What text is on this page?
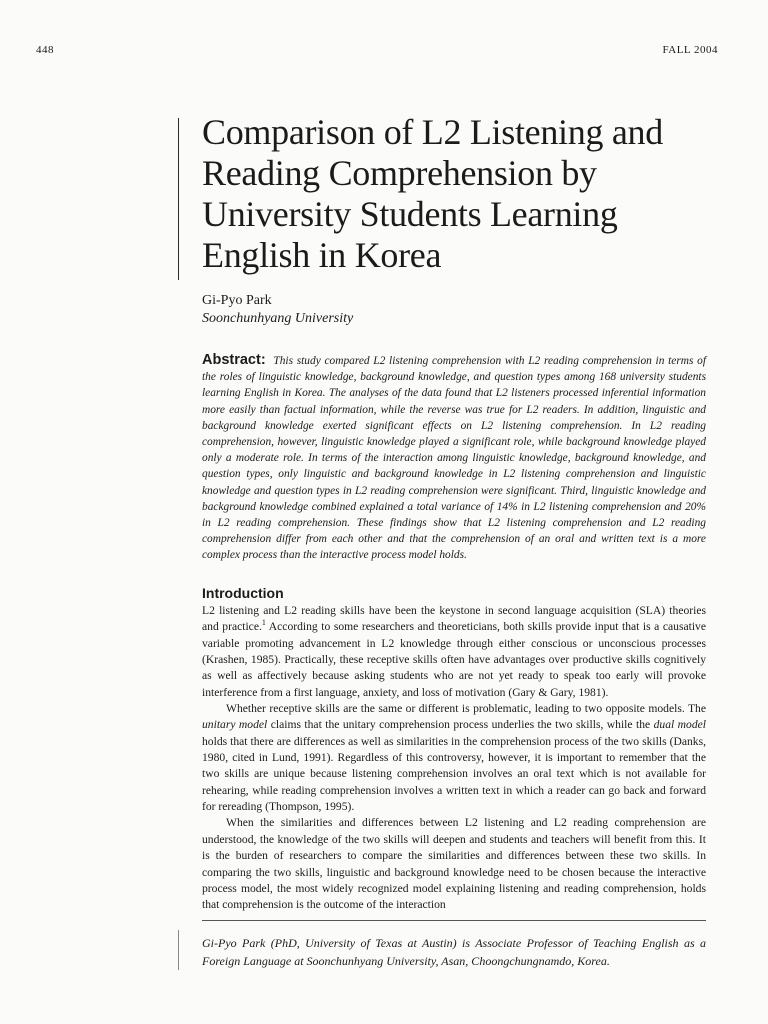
448	FALL 2004
Comparison of L2 Listening and Reading Comprehension by University Students Learning English in Korea
Gi-Pyo Park
Soonchunhyang University

Abstract: This study compared L2 listening comprehension with L2 reading comprehension in terms of the roles of linguistic knowledge, background knowledge, and question types among 168 university students learning English in Korea. The analyses of the data found that L2 listeners processed inferential information more easily than factual information, while the reverse was true for L2 readers. In addition, linguistic and background knowledge exerted significant effects on L2 listening comprehension. In L2 reading comprehension, however, linguistic knowledge played a significant role, while background knowledge played only a moderate role. In terms of the interaction among linguistic knowledge, background knowledge, and question types, only linguistic and background knowledge in L2 listening comprehension and linguistic knowledge and question types in L2 reading comprehension were significant. Third, linguistic knowledge and background knowledge combined explained a total variance of 14% in L2 listening comprehension and 20% in L2 reading comprehension. These findings show that L2 listening comprehension and L2 reading comprehension differ from each other and that the comprehension of an oral and written text is a more complex process than the interactive process model holds.

Introduction

L2 listening and L2 reading skills have been the keystone in second language acquisition (SLA) theories and practice.$^1$ According to some researchers and theoreticians, both skills provide input that is a causative variable promoting advancement in L2 knowledge through either conscious or unconscious processes (Krashen, 1985). Practically, these receptive skills often have advantages over productive skills cognitively as well as affectively because asking students who are not yet ready to speak too early will provoke interference from a first language, anxiety, and loss of motivation (Gary & Gary, 1981).

Whether receptive skills are the same or different is problematic, leading to two opposite models. The unitary model claims that the unitary comprehension process underlies the two skills, while the dual model holds that there are differences as well as similarities in the comprehension process of the two skills (Danks, 1980, cited in Lund, 1991). Regardless of this controversy, however, it is important to remember that the two skills are unique because listening comprehension involves an oral text which is not available for rehearing, while reading comprehension involves a written text in which a reader can go back and forward for rereading (Thompson, 1995).

When the similarities and differences between L2 listening and L2 reading comprehension are understood, the knowledge of the two skills will deepen and students and teachers will benefit from this. It is the burden of researchers to compare the similarities and differences between these two skills. In comparing the two skills, linguistic and background knowledge need to be chosen because the interactive process model, the most widely recognized model explaining listening and reading comprehension, holds that comprehension is the outcome of the interaction

Gi-Pyo Park (PhD, University of Texas at Austin) is Associate Professor of Teaching English as a Foreign Language at Soonchunhyang University, Asan, Choongchungnamdo, Korea.
